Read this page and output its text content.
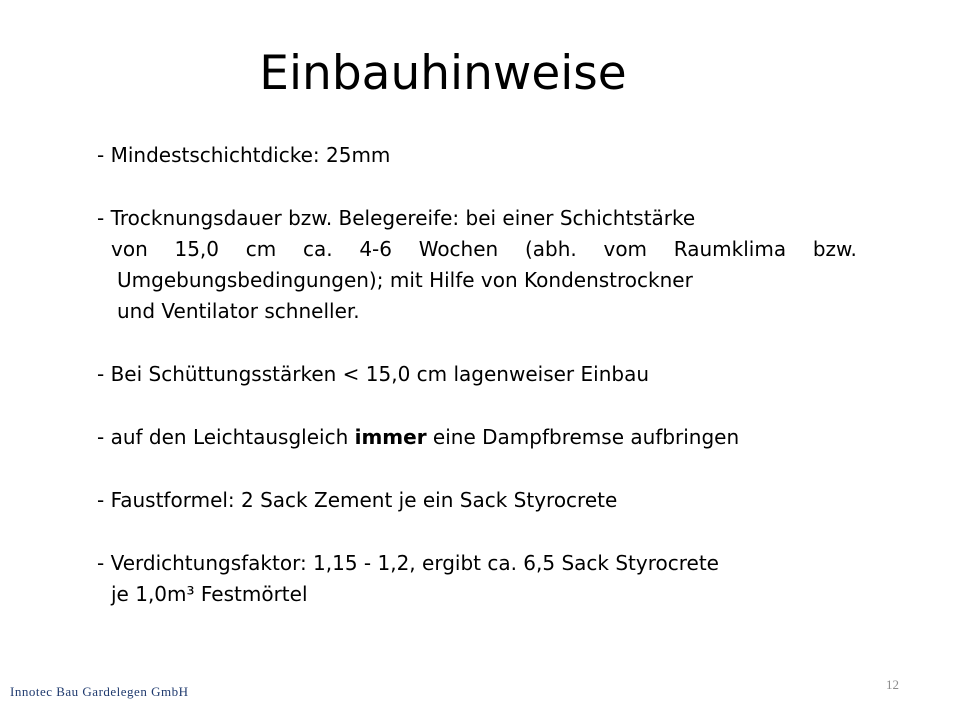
Einbauhinweise
- Mindestschichtdicke: 25mm
- Trocknungsdauer bzw. Belegereife: bei einer Schichtstärke
von 15,0 cm ca. 4-6 Wochen (abh. vom Raumklima bzw.
Umgebungsbedingungen); mit Hilfe von Kondenstrockner
und Ventilator schneller.
- Bei Schüttungsstärken < 15,0 cm lagenweiser Einbau
- auf den Leichtausgleich immer eine Dampfbremse aufbringen
- Faustformel: 2 Sack Zement je ein Sack Styrocrete
- Verdichtungsfaktor: 1,15 - 1,2, ergibt ca. 6,5 Sack Styrocrete
je 1,0m³ Festmörtel
Innotec Bau Gardelegen GmbH	12
